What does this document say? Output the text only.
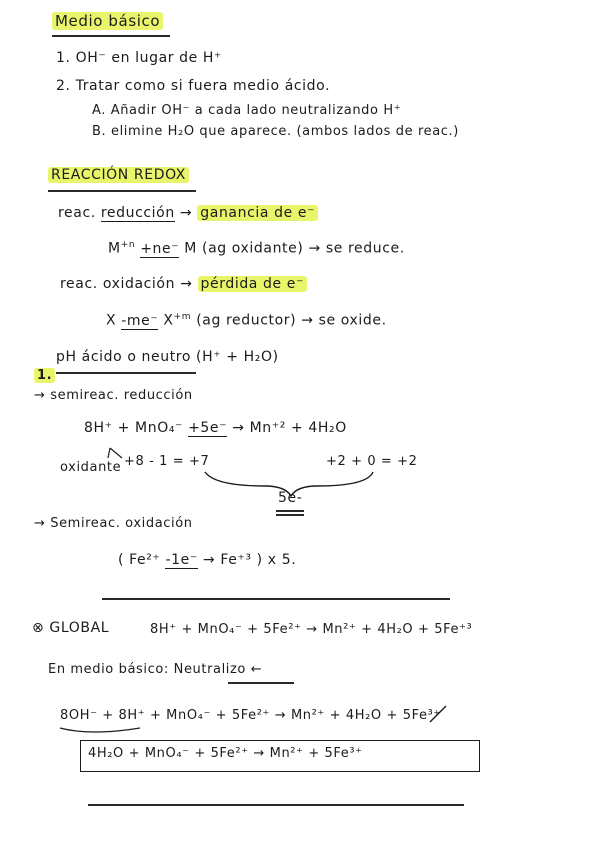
Medio básico
1. OH⁻ en lugar de H⁺
2. Tratar como si fuera medio ácido.
A. Añadir OH⁻ a cada lado neutralizando H⁺
B. elimine H₂O que aparece. (ambos lados de reac.)
REACCIÓN REDOX
reac. reducción → ganancia de e⁻
$M^{+n} +ne^-$ M (ag oxidante) → se reduce.
reac. oxidación → pérdida de e⁻
X -me⁻ $X^{+m}$ (ag reductor) → se oxide.
pH ácido o neutro (H⁺ + H₂O)
1.
→ semireac. reducción
8H⁺ + MnO₄⁻ +5e⁻ → Mn⁺² + 4H₂O
oxidante +8 - 1 = +7	+2 + 0 = +2
5e-
→ Semireac. oxidación
( Fe²⁺ -1e⁻ → Fe⁺³ ) x 5.
⊗ GLOBAL	8H⁺ + MnO₄⁻ + 5Fe²⁺ → Mn²⁺ + 4H₂O + 5Fe⁺³
En medio básico: Neutralizo ←
8OH⁻ + 8H⁺ + MnO₄⁻ + 5Fe²⁺ → Mn²⁺ + 4H₂O + 5Fe³⁺
4H₂O + MnO₄⁻ + 5Fe²⁺ → Mn²⁺ + 5Fe³⁺
